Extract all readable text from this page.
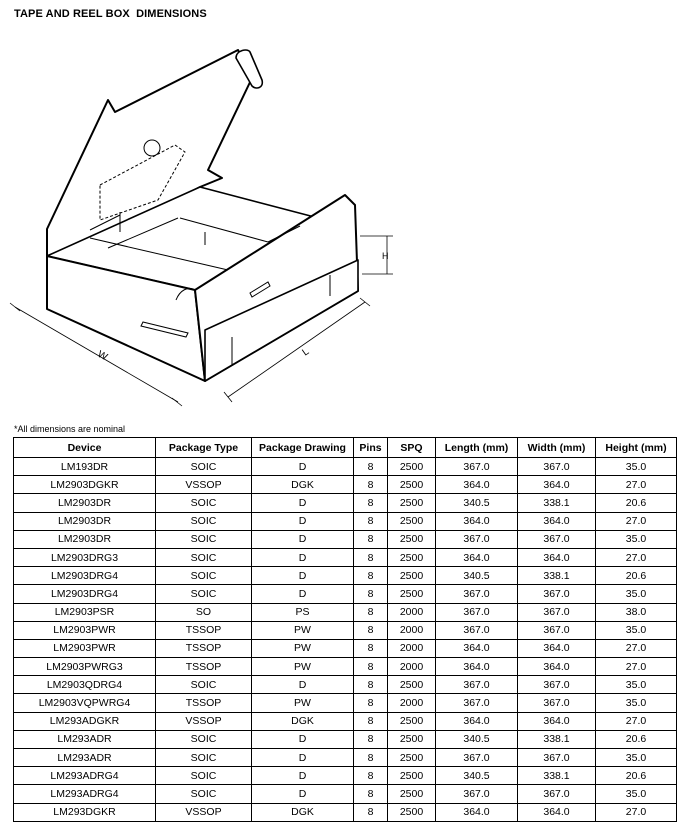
TAPE AND REEL BOX  DIMENSIONS
W	L
H
*All dimensions are nominal
Device	Package Type	Package Drawing	Pins	SPQ	Length (mm)	Width (mm)	Height (mm)
LM193DR	SOIC	D	8	2500	367.0	367.0	35.0
LM2903DGKR	VSSOP	DGK	8	2500	364.0	364.0	27.0
LM2903DR	SOIC	D	8	2500	340.5	338.1	20.6
LM2903DR	SOIC	D	8	2500	364.0	364.0	27.0
LM2903DR	SOIC	D	8	2500	367.0	367.0	35.0
LM2903DRG3	SOIC	D	8	2500	364.0	364.0	27.0
LM2903DRG4	SOIC	D	8	2500	340.5	338.1	20.6
LM2903DRG4	SOIC	D	8	2500	367.0	367.0	35.0
LM2903PSR	SO	PS	8	2000	367.0	367.0	38.0
LM2903PWR	TSSOP	PW	8	2000	367.0	367.0	35.0
LM2903PWR	TSSOP	PW	8	2000	364.0	364.0	27.0
LM2903PWRG3	TSSOP	PW	8	2000	364.0	364.0	27.0
LM2903QDRG4	SOIC	D	8	2500	367.0	367.0	35.0
LM2903VQPWRG4	TSSOP	PW	8	2000	367.0	367.0	35.0
LM293ADGKR	VSSOP	DGK	8	2500	364.0	364.0	27.0
LM293ADR	SOIC	D	8	2500	340.5	338.1	20.6
LM293ADR	SOIC	D	8	2500	367.0	367.0	35.0
LM293ADRG4	SOIC	D	8	2500	340.5	338.1	20.6
LM293ADRG4	SOIC	D	8	2500	367.0	367.0	35.0
LM293DGKR	VSSOP	DGK	8	2500	364.0	364.0	27.0
